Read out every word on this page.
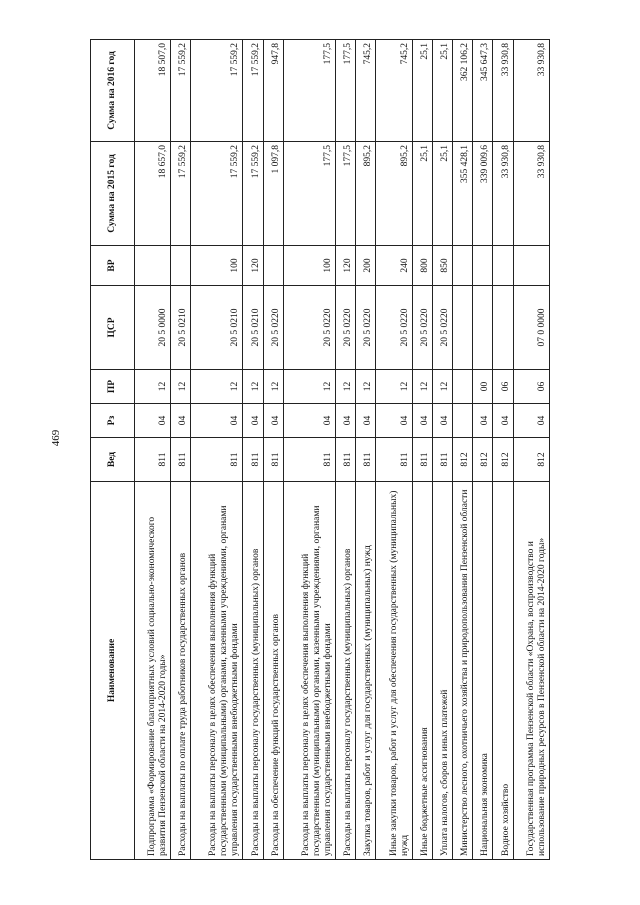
469
Наименование	Вед	Рз	ПР	ЦСР	ВР	Сумма на 2015 год	Сумма на 2016 год
Подпрограмма «Формирование благоприятных условий социально-экономического развития Пензенской области на 2014-2020 годы»	811	04	12	20 5 0000		18 657,0	18 507,0
Расходы на выплаты по оплате труда работников государственных органов	811	04	12	20 5 0210		17 559,2	17 559,2
Расходы на выплаты персоналу в целях обеспечения выполнения функций государственными (муниципальными) органами, казенными учреждениями, органами управления государственными внебюджетными фондами	811	04	12	20 5 0210	100	17 559,2	17 559,2
Расходы на выплаты персоналу государственных (муниципальных) органов	811	04	12	20 5 0210	120	17 559,2	17 559,2
Расходы на обеспечение функций государственных органов	811	04	12	20 5 0220		1 097,8	947,8
Расходы на выплаты персоналу в целях обеспечения выполнения функций государственными (муниципальными) органами, казенными учреждениями, органами управления государственными внебюджетными фондами	811	04	12	20 5 0220	100	177,5	177,5
Расходы на выплаты персоналу государственных (муниципальных) органов	811	04	12	20 5 0220	120	177,5	177,5
Закупка товаров, работ и услуг для государственных (муниципальных) нужд	811	04	12	20 5 0220	200	895,2	745,2
Иные закупки товаров, работ и услуг для обеспечения государственных (муниципальных) нужд	811	04	12	20 5 0220	240	895,2	745,2
Иные бюджетные ассигнования	811	04	12	20 5 0220	800	25,1	25,1
Уплата налогов, сборов и иных платежей	811	04	12	20 5 0220	850	25,1	25,1
Министерство лесного, охотничьего хозяйства и природопользования Пензенской области	812					355 428,1	362 106,2
Национальная экономика	812	04	00			339 009,6	345 647,3
Водное хозяйство	812	04	06			33 930,8	33 930,8
Государственная программа Пензенской области «Охрана, воспроизводство и использование природных ресурсов в Пензенской области на 2014-2020 годы»	812	04	06	07 0 0000		33 930,8	33 930,8
